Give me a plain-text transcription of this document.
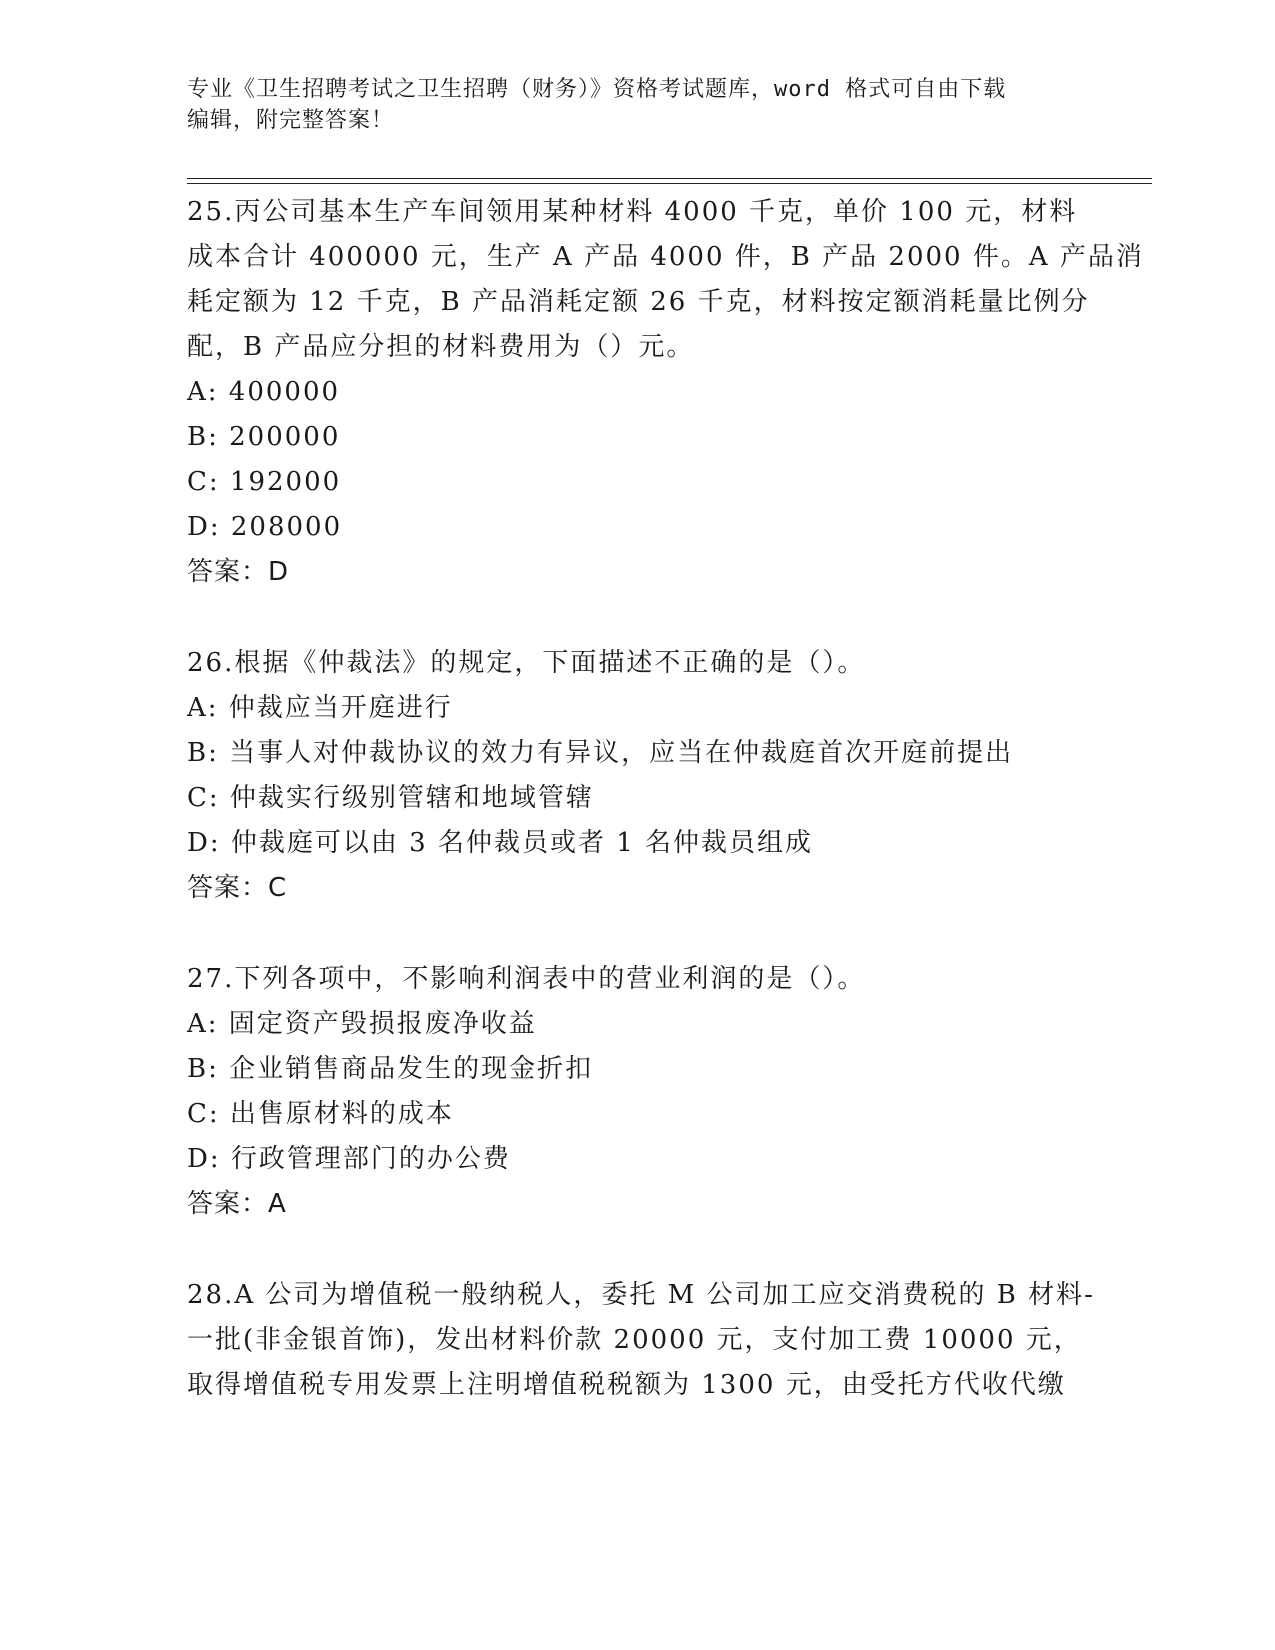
专业《卫生招聘考试之卫生招聘（财务）》资格考试题库，word 格式可自由下载
编辑，附完整答案！
25.丙公司基本生产车间领用某种材料 4000 千克，单价 100 元，材料
成本合计 400000 元，生产 A 产品 4000 件，B 产品 2000 件。A 产品消
耗定额为 12 千克，B 产品消耗定额 26 千克，材料按定额消耗量比例分
配，B 产品应分担的材料费用为（）元。
A: 400000
B: 200000
C: 192000
D: 208000
答案：D
26.根据《仲裁法》的规定，下面描述不正确的是（）。
A: 仲裁应当开庭进行
B: 当事人对仲裁协议的效力有异议，应当在仲裁庭首次开庭前提出
C: 仲裁实行级别管辖和地域管辖
D: 仲裁庭可以由 3 名仲裁员或者 1 名仲裁员组成
答案：C
27.下列各项中，不影响利润表中的营业利润的是（）。
A: 固定资产毁损报废净收益
B: 企业销售商品发生的现金折扣
C: 出售原材料的成本
D: 行政管理部门的办公费
答案：A
28.A 公司为增值税一般纳税人，委托 M 公司加工应交消费税的 B 材料-
一批(非金银首饰)，发出材料价款 20000 元，支付加工费 10000 元，
取得增值税专用发票上注明增值税税额为 1300 元，由受托方代收代缴
